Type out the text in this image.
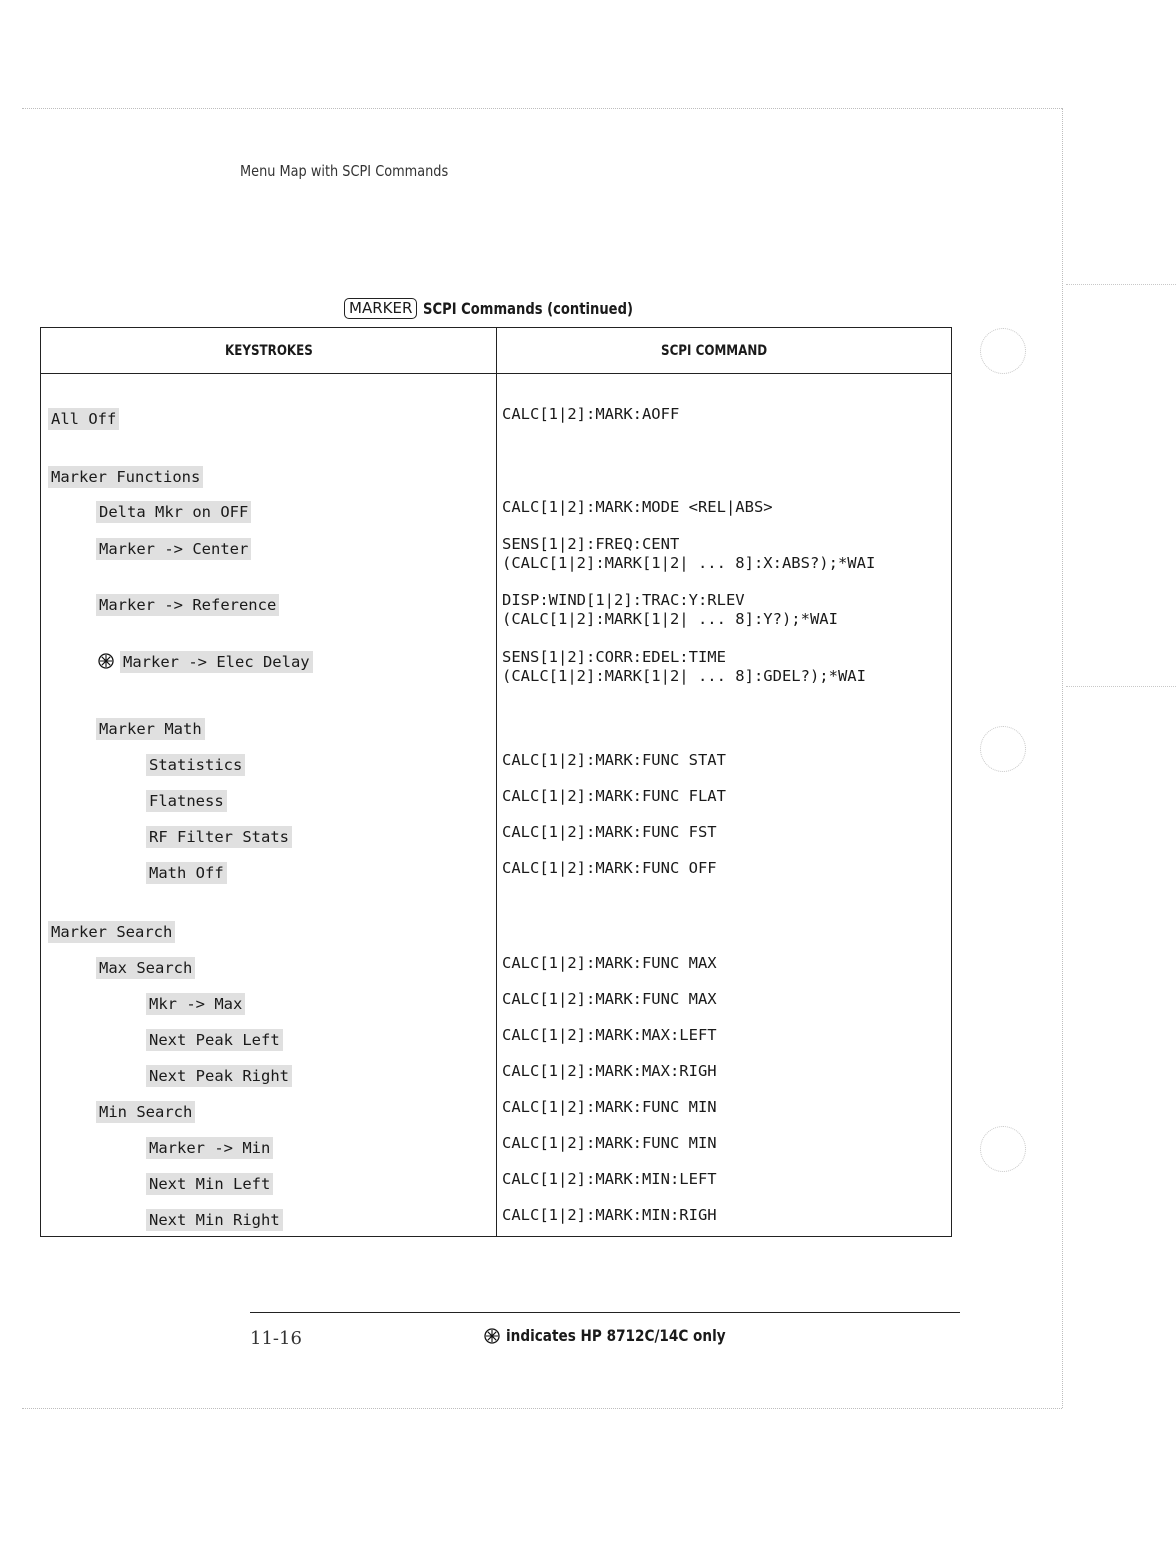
Menu Map with SCPI Commands
MARKER SCPI Commands (continued)
KEYSTROKES	SCPI COMMAND
All Off	CALC[1|2]:MARK:AOFF
Marker Functions
Delta Mkr on OFF	CALC[1|2]:MARK:MODE <REL|ABS>
Marker -> Center	SENS[1|2]:FREQ:CENT
(CALC[1|2]:MARK[1|2| ... 8]:X:ABS?);*WAI
Marker -> Reference	DISP:WIND[1|2]:TRAC:Y:RLEV
(CALC[1|2]:MARK[1|2| ... 8]:Y?);*WAI
Marker -> Elec Delay	SENS[1|2]:CORR:EDEL:TIME
(CALC[1|2]:MARK[1|2| ... 8]:GDEL?);*WAI
Marker Math
Statistics	CALC[1|2]:MARK:FUNC STAT
Flatness	CALC[1|2]:MARK:FUNC FLAT
RF Filter Stats	CALC[1|2]:MARK:FUNC FST
Math Off	CALC[1|2]:MARK:FUNC OFF
Marker Search
Max Search	CALC[1|2]:MARK:FUNC MAX
Mkr -> Max	CALC[1|2]:MARK:FUNC MAX
Next Peak Left	CALC[1|2]:MARK:MAX:LEFT
Next Peak Right	CALC[1|2]:MARK:MAX:RIGH
Min Search	CALC[1|2]:MARK:FUNC MIN
Marker -> Min	CALC[1|2]:MARK:FUNC MIN
Next Min Left	CALC[1|2]:MARK:MIN:LEFT
Next Min Right	CALC[1|2]:MARK:MIN:RIGH
11-16	indicates HP 8712C/14C only
